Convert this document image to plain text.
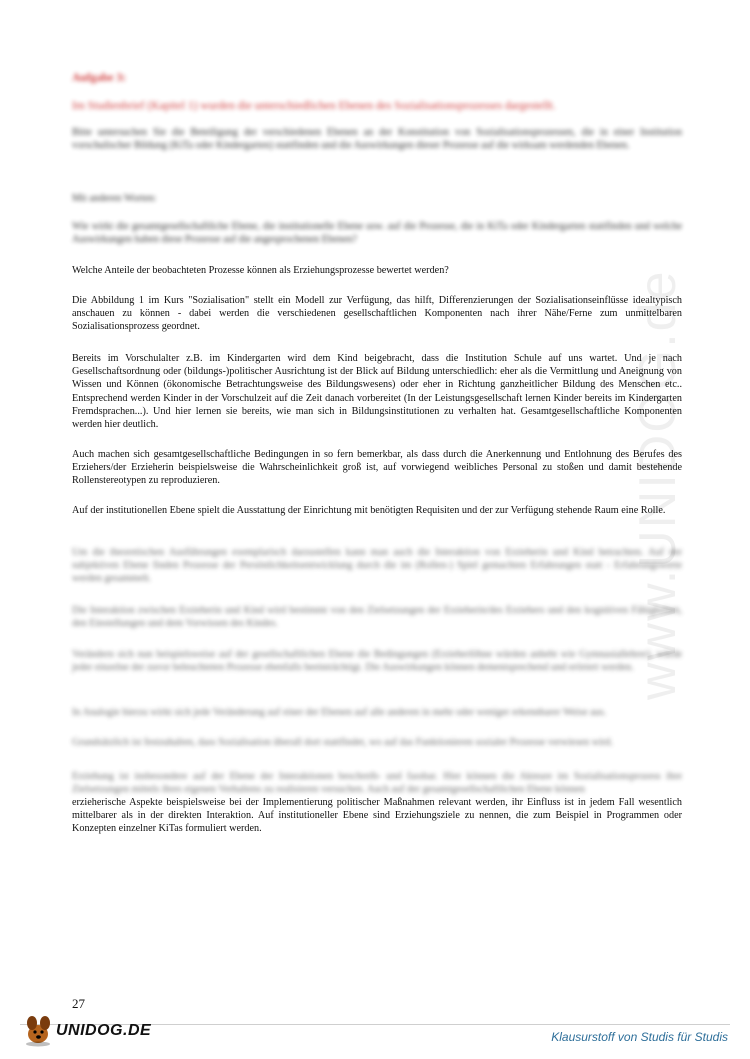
Aufgabe 3:
Im Studienbrief (Kapitel 1) wurden die unterschiedlichen Ebenen des Sozialisationsprozesses dargestellt.
Bitte untersuchen Sie die Beteiligung der verschiedenen Ebenen an der Konstitution von Sozialisationsprozessen, die in einer Institution vorschulischer Bildung (KiTa oder Kindergarten) stattfinden und die Auswirkungen dieser Prozesse auf die wirksam werdenden Ebenen.
Mit anderen Worten:
Wie wirkt die gesamtgesellschaftliche Ebene, die institutionelle Ebene usw. auf die Prozesse, die in KiTa oder Kindergarten stattfinden und welche Auswirkungen haben diese Prozesse auf die angesprochenen Ebenen?
Welche Anteile der beobachteten Prozesse können als Erziehungsprozesse bewertet werden?
Die Abbildung 1 im Kurs "Sozialisation" stellt ein Modell zur Verfügung, das hilft, Differenzierungen der Sozialisationseinflüsse idealtypisch anschauen zu können - dabei werden die verschiedenen gesellschaftlichen Komponenten nach ihrer Nähe/Ferne zum unmittelbaren Sozialisationsprozess geordnet.
Bereits im Vorschulalter z.B. im Kindergarten wird dem Kind beigebracht, dass die Institution Schule auf uns wartet. Und je nach Gesellschaftsordnung oder (bildungs-)politischer Ausrichtung ist der Blick auf Bildung unterschiedlich: eher als die Vermittlung und Aneignung von Wissen und Können (ökonomische Betrachtungsweise des Bildungswesens) oder eher in Richtung ganzheitlicher Bildung des Menschen etc.. Entsprechend werden Kinder in der Vorschulzeit auf die Zeit danach vorbereitet (In der Leistungsgesellschaft lernen Kinder bereits im Kindergarten Fremdsprachen...). Und hier lernen sie bereits, wie man sich in Bildungsinstitutionen zu verhalten hat. Gesamtgesellschaftliche Komponenten werden hier deutlich.
Auch machen sich gesamtgesellschaftliche Bedingungen in so fern bemerkbar, als dass durch die Anerkennung und Entlohnung des Berufes des Erziehers/der Erzieherin beispielsweise die Wahrscheinlichkeit groß ist, auf vorwiegend weibliches Personal zu stoßen und damit bestehende Rollenstereotypen zu reproduzieren.
Auf der institutionellen Ebene spielt die Ausstattung der Einrichtung mit benötigten Requisiten und der zur Verfügung stehende Raum eine Rolle.
Um die theoretischen Ausführungen exemplarisch darzustellen kann man auch die Interaktion von Erzieherin und Kind betrachten. Auf der subjektiven Ebene finden Prozesse der Persönlichkeitsentwicklung durch die im (Rollen-) Spiel gemachten Erfahrungen statt - Erfahrungswerte werden gesammelt.
Die Interaktion zwischen Erzieherin und Kind wird bestimmt von den Zielsetzungen der Erzieherin/des Erziehers und den kognitiven Fähigkeiten, den Einstellungen und dem Vorwissen des Kindes.
Verändern sich nun beispielsweise auf der gesellschaftlichen Ebene die Bedingungen (Erzieherlöhne würden anhebt wie Gymnasiallehrer), würde jeder einzelne der zuvor beleuchteten Prozesse ebenfalls beeinträchtigt. Die Auswirkungen können dementsprechend und erörtert werden.
In Analogie hierzu wirkt sich jede Veränderung auf einer der Ebenen auf alle anderen in mehr oder weniger erkennbarer Weise aus.
Grundsätzlich ist festzuhalten, dass Sozialisation überall dort stattfindet, wo auf das Funktionieren sozialer Prozesse verwiesen wird.
Erziehung ist insbesondere auf der Ebene der Interaktionen beschreib- und fassbar. Hier können die Akteure im Sozialisationsprozess ihre Zielsetzungen mittels ihres eigenen Verhaltens zu realisieren versuchen. Auch auf der gesamtgesellschaftlichen Ebene können
erzieherische Aspekte beispielsweise bei der Implementierung politischer Maßnahmen relevant werden, ihr Einfluss ist in jedem Fall wesentlich mittelbarer als in der direkten Interaktion. Auf institutioneller Ebene sind Erziehungsziele zu nennen, die zum Beispiel in Programmen oder Konzepten einzelner KiTas formuliert werden.
www.UNIDOG.de
27
UNIDOG.DE	Klausurstoff von Studis für Studis
